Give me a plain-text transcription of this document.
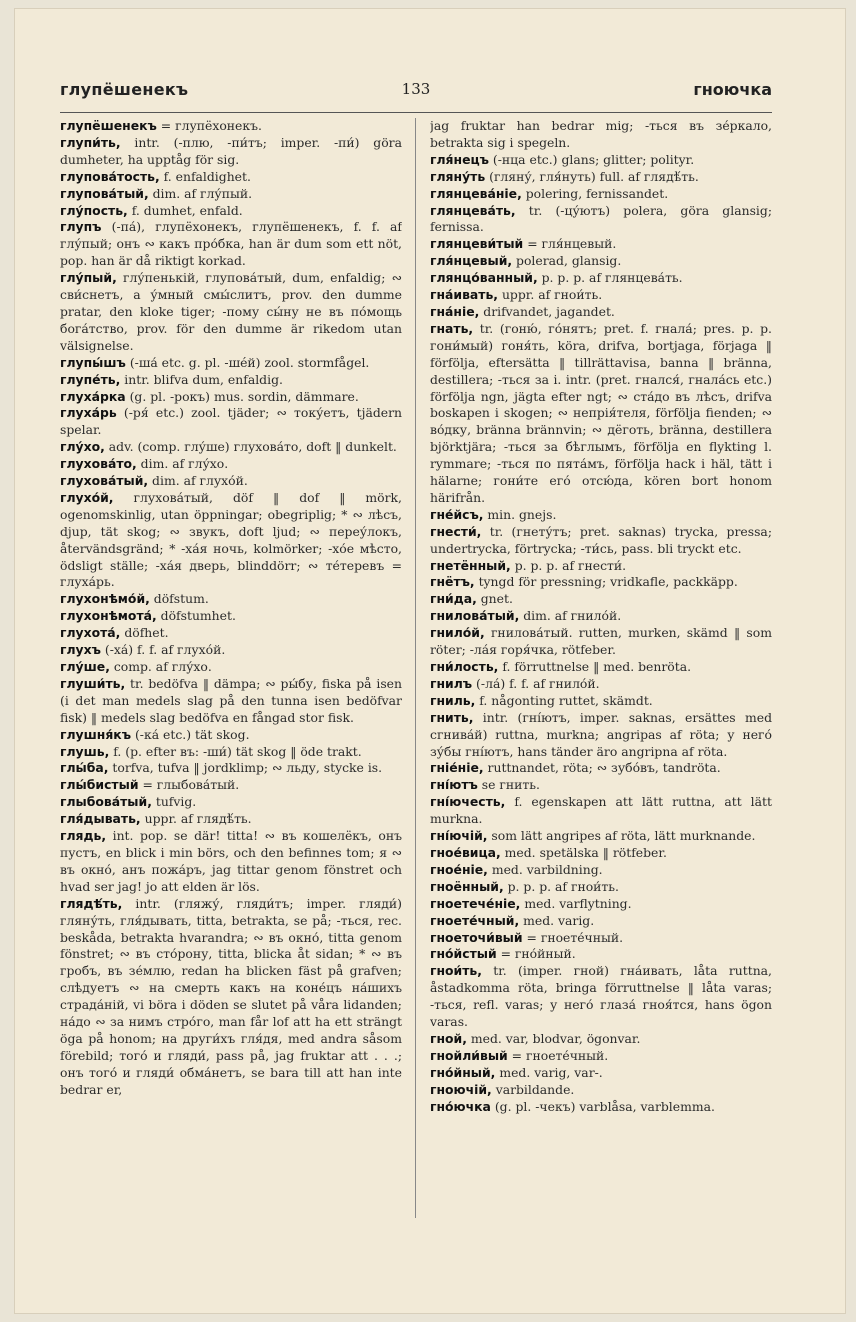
глупёшенекъ	133	гноючка
глупёшенекъ = глупёхонекъ.
глупи́ть, intr. (-плю, -пи́тъ; imper. -пи́) göra dumheter, ha upptåg för sig.
глупова́тость, f. enfaldighet.
глупова́тый, dim. af глу́пый.
глу́пость, f. dumhet, enfald.
глупъ (-па́), глупёхонекъ, глупёшенекъ, f. f. af глу́пый; онъ ∾ какъ про́бка, han är dum som ett nöt, pop. han är då riktigt korkad.
глу́пый, глу́пенькій, глупова́тый, dum, enfaldig; ∾ сви́снетъ, а у́мный смы́слитъ, prov. den dumme pratar, den kloke tiger; -пому сы́ну не въ по́мощь бога́тство, prov. för den dumme är rikedom utan välsignelse.
глупы́шъ (-ша́ etc. g. pl. -шéй) zool. stormfågel.
глупе́ть, intr. blifva dum, enfaldig.
глуха́рка (g. pl. -рокъ) mus. sordin, dämmare.
глуха́рь (-ря́ etc.) zool. tjäder; ∾ току́етъ, tjädern spelar.
глу́хо, adv. (comp. глу́ше) глухова́то, doft ‖ dunkelt.
глухова́то, dim. af глу́хо.
глухова́тый, dim. af глухо́й.
глухо́й, глухова́тый, döf ‖ dof ‖ mörk, ogenomskinlig, utan öppningar; obegriplig; * ∾ лѣсъ, djup, tät skog; ∾ звукъ, doft ljud; ∾ переу́локъ, återvändsgränd; * -ха́я ночь, kolmörker; -хо́е мѣсто, ödsligt ställe; -ха́я дверь, blinddörr; ∾ те́теревъ = глуха́рь.
глухонѣмо́й, döfstum.
глухонѣмота́, döfstumhet.
глухота́, döfhet.
глухъ (-ха́) f. f. af глухо́й.
глу́ше, comp. af глу́хо.
глуши́ть, tr. bedöfva ‖ dämpa; ∾ ры́бу, fiska på isen (i det man medels slag på den tunna isen bedöfvar fisk) ‖ medels slag bedöfva en fångad stor fisk.
глушня́къ (-ка́ etc.) tät skog.
глушь, f. (p. efter въ: -ши́) tät skog ‖ öde trakt.
глы́ба, torfva, tufva ‖ jordklimp; ∾ льду, stycke is.
глы́бистый = глыбова́тый.
глыбова́тый, tufvig.
гля́дывать, uppr. af глядѣ́ть.
глядь, int. pop. se där! titta! ∾ въ кошелёкъ, онъ пустъ, en blick i min börs, och den befinnes tom; я ∾ въ окно́, анъ пожа́ръ, jag tittar genom fönstret och hvad ser jag! jo att elden är lös.
глядѣ́ть, intr. (гляжу́, гляди́тъ; imper. гляди́) гляну́ть, гля́дывать, titta, betrakta, se på; -ться, rec. beskåda, betrakta hvarandra; ∾ въ окно́, titta genom fönstret; ∾ въ сто́рону, titta, blicka åt sidan; * ∾ въ гробъ, въ зе́млю, redan ha blicken fäst på grafven; слѣдуетъ ∾ на смерть какъ на коне́цъ на́шихъ страда́ній, vi böra i döden se slutet på våra lidanden; на́до ∾ за нимъ стро́го, man får lof att ha ett strängt öga på honom; на други́хъ гля́дя, med andra såsom förebild; того́ и гляди́, pass på, jag fruktar att . . .; онъ того́ и гляди́ обма́нетъ, se bara till att han inte bedrar er,
jag fruktar han bedrar mig; -ться въ зе́ркало, betrakta sig i spegeln.
гля́нецъ (-нца etc.) glans; glitter; polityr.
гляну́ть (гляну́, гля́нуть) full. af глядѣ́ть.
глянцева́ніе, polering, fernissandet.
глянцева́ть, tr. (-цу́ютъ) polera, göra glansig; fernissa.
глянцеви́тый = гля́нцевый.
гля́нцевый, polerad, glansig.
глянцо́ванный, p. p. p. af глянцева́ть.
гна́ивать, uppr. af гнои́ть.
гна́ніе, drifvandet, jagandet.
гнать, tr. (гоню́, го́нятъ; pret. f. гнала́; pres. p. p. гони́мый) гоня́ть, köra, drifva, bortjaga, förjaga ‖ förfölja, eftersätta ‖ tillrättavisa, banna ‖ bränna, destillera; -ться за i. intr. (pret. гнался́, гнала́сь etc.) förfölja ngn, jägta efter ngt; ∾ ста́до въ лѣсъ, drifva boskapen i skogen; ∾ непрія́теля, förfölja fienden; ∾ во́дку, bränna brännvin; ∾ дёготь, bränna, destillera björktjära; -ться за бѣглымъ, förfölja en flykting l. rymmare; -ться по пята́мъ, förfölja hack i häl, tätt i hälarne; гони́те его́ отсю́да, kören bort honom härifrån.
гне́йсъ, min. gnejs.
гнести́, tr. (гнету́тъ; pret. saknas) trycka, pressa; undertrycka, förtrycka; -ти́сь, pass. bli tryckt etc.
гнетённый, p. p. p. af гнести́.
гнётъ, tyngd för pressning; vridkafle, packkäpp.
гни́да, gnet.
гнилова́тый, dim. af гнило́й.
гнило́й, гнилова́тый. rutten, murken, skämd ‖ som röter; -ла́я горя́чка, rötfeber.
гни́лость, f. förruttnelse ‖ med. benröta.
гнилъ (-ла́) f. f. af гнило́й.
гниль, f. någonting ruttet, skämdt.
гнить, intr. (гні́ютъ, imper. saknas, ersättes med сгнива́й) ruttna, murkna; angripas af röta; у него́ зу́бы гні́ютъ, hans tänder äro angripna af röta.
гніе́ніе, ruttnandet, röta; ∾ зубо́въ, tandröta.
гні́ютъ se гнить.
гні́ючесть, f. egenskapen att lätt ruttna, att lätt murkna.
гні́ючій, som lätt angripes af röta, lätt murknande.
гное́вица, med. spetälska ‖ rötfeber.
гное́ніе, med. varbildning.
гноённый, p. p. p. af гнои́ть.
гноетече́ніе, med. varflytning.
гноете́чный, med. varig.
гноеточи́вый = гноете́чный.
гно́йстый = гно́йный.
гнои́ть, tr. (imper. гной) гна́ивать, låta ruttna, åstadkomma röta, bringa förruttnelse ‖ låta varas; -ться, refl. varas; у него́ глаза́ гноя́тся, hans ögon varas.
гной, med. var, blodvar, ögonvar.
гнойли́вый = гноете́чный.
гно́йный, med. varig, var-.
гноючій, varbildande.
гно́ючка (g. pl. -чекъ) varblåsa, varblemma.
